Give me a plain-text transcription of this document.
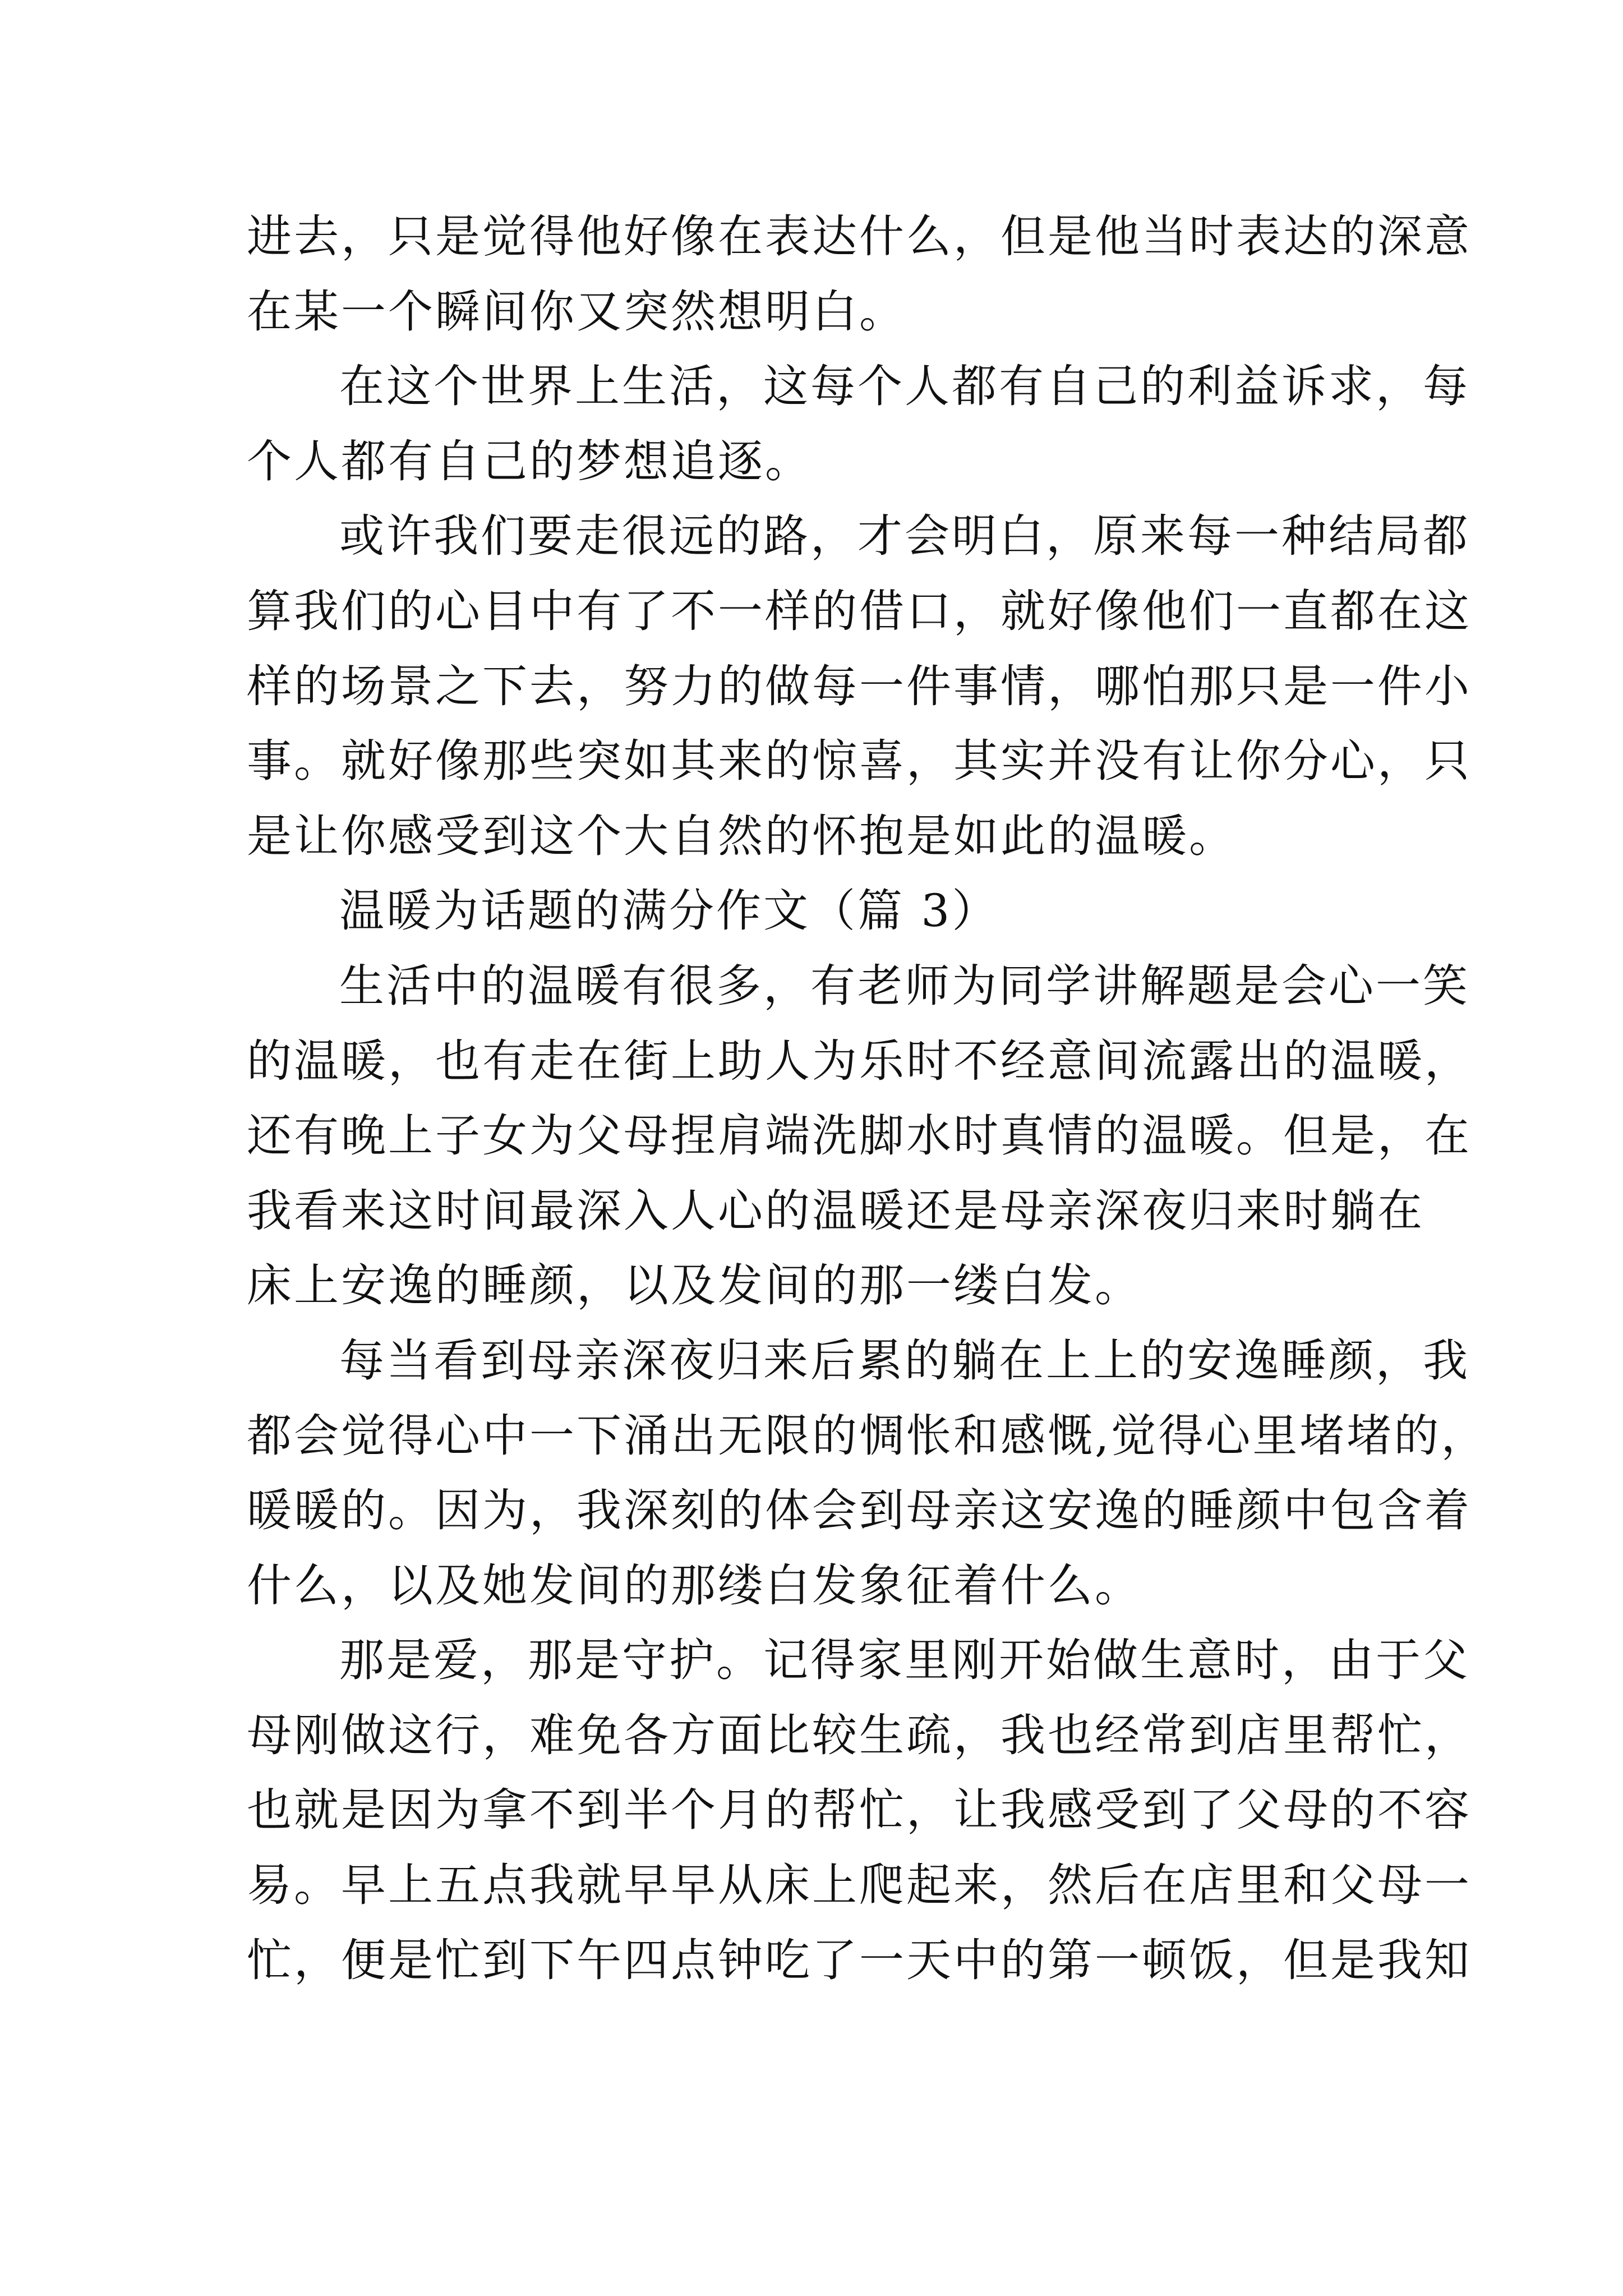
进去，只是觉得他好像在表达什么，但是他当时表达的深意
在某一个瞬间你又突然想明白。
在这个世界上生活，这每个人都有自己的利益诉求，每
个人都有自己的梦想追逐。
或许我们要走很远的路，才会明白，原来每一种结局都
算我们的心目中有了不一样的借口，就好像他们一直都在这
样的场景之下去，努力的做每一件事情，哪怕那只是一件小
事。就好像那些突如其来的惊喜，其实并没有让你分心，只
是让你感受到这个大自然的怀抱是如此的温暖。
温暖为话题的满分作文（篇 3）
生活中的温暖有很多，有老师为同学讲解题是会心一笑
的温暖，也有走在街上助人为乐时不经意间流露出的温暖，
还有晚上子女为父母捏肩端洗脚水时真情的温暖。但是，在
我看来这时间最深入人心的温暖还是母亲深夜归来时躺在
床上安逸的睡颜，以及发间的那一缕白发。
每当看到母亲深夜归来后累的躺在上上的安逸睡颜，我
都会觉得心中一下涌出无限的惆怅和感慨,觉得心里堵堵的，
暖暖的。因为，我深刻的体会到母亲这安逸的睡颜中包含着
什么，以及她发间的那缕白发象征着什么。
那是爱，那是守护。记得家里刚开始做生意时，由于父
母刚做这行，难免各方面比较生疏，我也经常到店里帮忙，
也就是因为拿不到半个月的帮忙，让我感受到了父母的不容
易。早上五点我就早早从床上爬起来，然后在店里和父母一
忙，便是忙到下午四点钟吃了一天中的第一顿饭，但是我知
